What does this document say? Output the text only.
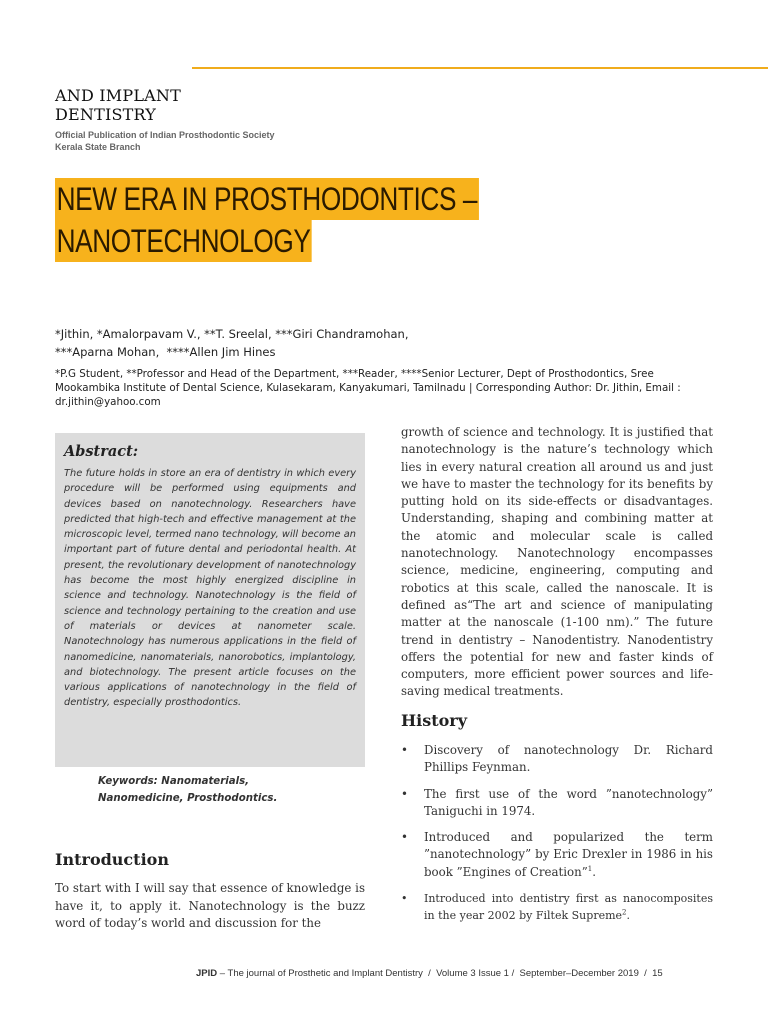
AND IMPLANT
DENTISTRY
Official Publication of Indian Prosthodontic Society
Kerala State Branch
NEW ERA IN PROSTHODONTICS –
NANOTECHNOLOGY
*Jithin, *Amalorpavam V., **T. Sreelal, ***Giri Chandramohan,
***Aparna Mohan,  ****Allen Jim Hines
*P.G Student, **Professor and Head of the Department, ***Reader, ****Senior Lecturer, Dept of Prosthodontics, Sree Mookambika Institute of Dental Science, Kulasekaram, Kanyakumari, Tamilnadu | Corresponding Author: Dr. Jithin, Email : dr.jithin@yahoo.com

Abstract:

The future holds in store an era of dentistry in which every procedure will be performed using equipments and devices based on nanotechnology. Researchers have predicted that high-tech and effective management at the microscopic level, termed nano technology, will become an important part of future dental and periodontal health. At present, the revolutionary development of nanotechnology has become the most highly energized discipline in science and technology. Nanotechnology is the field of science and technology pertaining to the creation and use of materials or devices at nanometer scale. Nanotechnology has numerous applications in the field of nanomedicine, nanomaterials, nanorobotics, implantology, and biotechnology. The present article focuses on the various applications of nanotechnology in the field of dentistry, especially prosthodontics.

Keywords: Nanomaterials,
Nanomedicine, Prosthodontics.
Introduction

To start with I will say that essence of knowledge is have it, to apply it. Nanotechnology is the buzz word of today’s world and discussion for the

growth of science and technology. It is justified that nanotechnology is the nature’s technology which lies in every natural creation all around us and just we have to master the technology for its benefits by putting hold on its side-effects or disadvantages. Understanding, shaping and combining matter at the atomic and molecular scale is called nanotechnology. Nanotechnology encompasses science, medicine, engineering, computing and robotics at this scale, called the nanoscale. It is defined as“The art and science of manipulating matter at the nanoscale (1-100 nm).” The future trend in dentistry – Nanodentistry. Nanodentistry offers the potential for new and faster kinds of computers, more efficient power sources and life-saving medical treatments.

History
• Discovery of nanotechnology Dr. Richard Phillips Feynman.
• The first use of the word ”nanotechnology” Taniguchi in 1974.
• Introduced and popularized the term ”nanotechnology” by Eric Drexler in 1986 in his book ”Engines of Creation”$^1$.
• Introduced into dentistry first as nanocomposites in the year 2002 by Filtek Supreme$^2$.
JPID – The journal of Prosthetic and Implant Dentistry  /  Volume 3 Issue 1 /  September–December 2019  /  15
